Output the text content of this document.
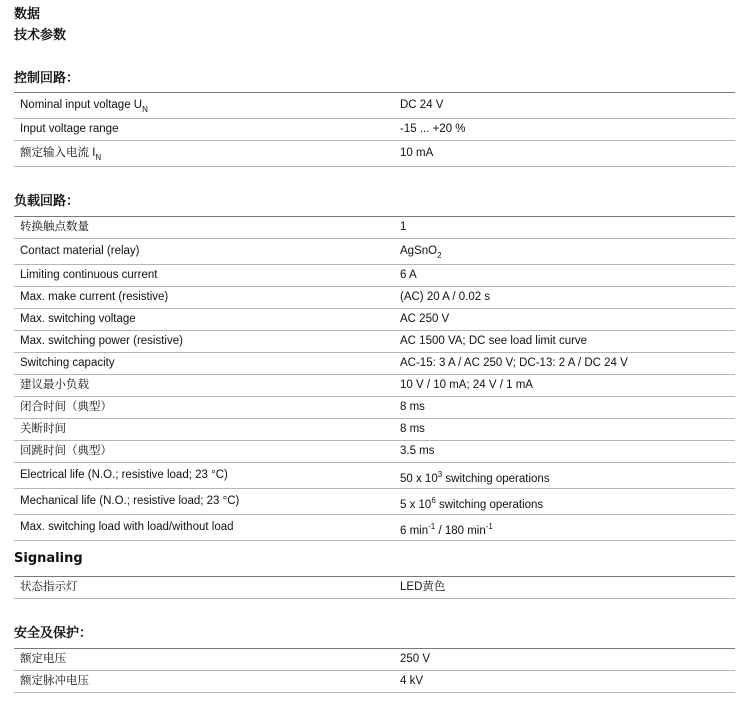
数据
技术参数
控制回路：
Nominal input voltage $U_N$	DC 24 V
Input voltage range	-15 ... +20 %
额定输入电流 $I_N$	10 mA
负载回路：
转换触点数量	1
Contact material (relay)	AgSnO$_2$
Limiting continuous current	6 A
Max. make current (resistive)	(AC) 20 A / 0.02 s
Max. switching voltage	AC 250 V
Max. switching power (resistive)	AC 1500 VA; DC see load limit curve
Switching capacity	AC-15: 3 A / AC 250 V; DC-13: 2 A / DC 24 V
建议最小负载	10 V / 10 mA; 24 V / 1 mA
闭合时间（典型）	8 ms
关断时间	8 ms
回跳时间（典型）	3.5 ms
Electrical life (N.O.; resistive load; 23 °C)	50 x $10^3$ switching operations
Mechanical life (N.O.; resistive load; 23 °C)	5 x $10^6$ switching operations
Max. switching load with load/without load	6 $\min^{-1} / 180$ $\min^{-1}$
Signaling
状态指示灯	LED黄色
安全及保护：
额定电压	250 V
额定脉冲电压	4 kV
